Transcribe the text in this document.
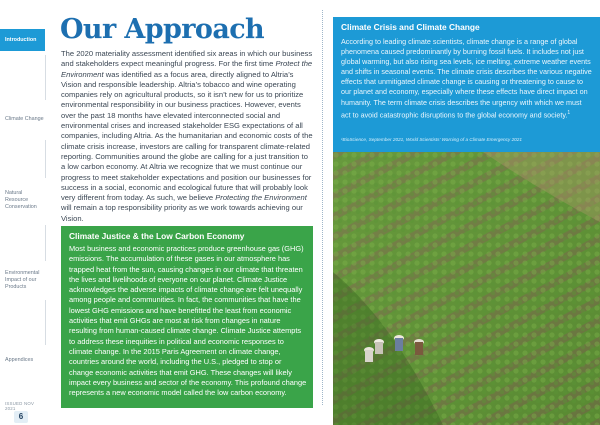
Introduction
Climate Change
Natural Resource Conservation
Environmental Impact of our Products
Appendices
ISSUED NOV 2021
6
Our Approach

The 2020 materiality assessment identified six areas in which our business and stakeholders expect meaningful progress. For the first time Protect the Environment was identified as a focus area, directly aligned to Altria’s Vision and responsible leadership. Altria’s tobacco and wine operating companies rely on agricultural products, so it isn’t new for us to prioritize environmental responsibility in our business practices. However, events over the past 18 months have elevated interconnected social and environmental crises and increased stakeholder ESG expectations of all companies, including Altria. As the humanitarian and economic costs of the climate crisis increase, investors are calling for transparent climate-related reporting. Communities around the globe are calling for a just transition to a low carbon economy. At Altria we recognize that we must continue our progress to meet stakeholder expectations and position our businesses for success in a social, economic and ecological future that will probably look very different from today. As such, we believe Protecting the Environment will remain a top responsibility priority as we work towards achieving our Vision.

Climate Justice & the Low Carbon Economy

Most business and economic practices produce greenhouse gas (GHG) emissions. The accumulation of these gases in our atmosphere has trapped heat from the sun, causing changes in our climate that threaten the lives and livelihoods of everyone on our planet. Climate Justice acknowledges the adverse impacts of climate change are felt unequally among people and communities. In fact, the communities that have the lowest GHG emissions and have benefitted the least from economic activities that emit GHGs are most at risk from changes in nature resulting from human-caused climate change. Climate Justice attempts to address these inequities in political and economic responses to climate change. In the 2015 Paris Agreement on climate change, countries around the world, including the U.S., pledged to stop or change economic activities that emit GHG. These changes will likely impact every business and sector of the economy. This profound change represents a new economic model called the low carbon economy.

Climate Crisis and Climate Change

According to leading climate scientists, climate change is a range of global phenomena caused predominantly by burning fossil fuels. It includes not just global warming, but also rising sea levels, ice melting, extreme weather events and shifts in seasonal events. The climate crisis describes the various negative effects that unmitigated climate change is causing or threatening to cause to our planet and economy, especially where these effects have direct impact on humanity. The term climate crisis describes the urgency with which we must act to avoid catastrophic disruptions to the global economy and society.$^1$

¹BioScience, September 2021, World Scientists’ Warning of a Climate Emergency 2021
